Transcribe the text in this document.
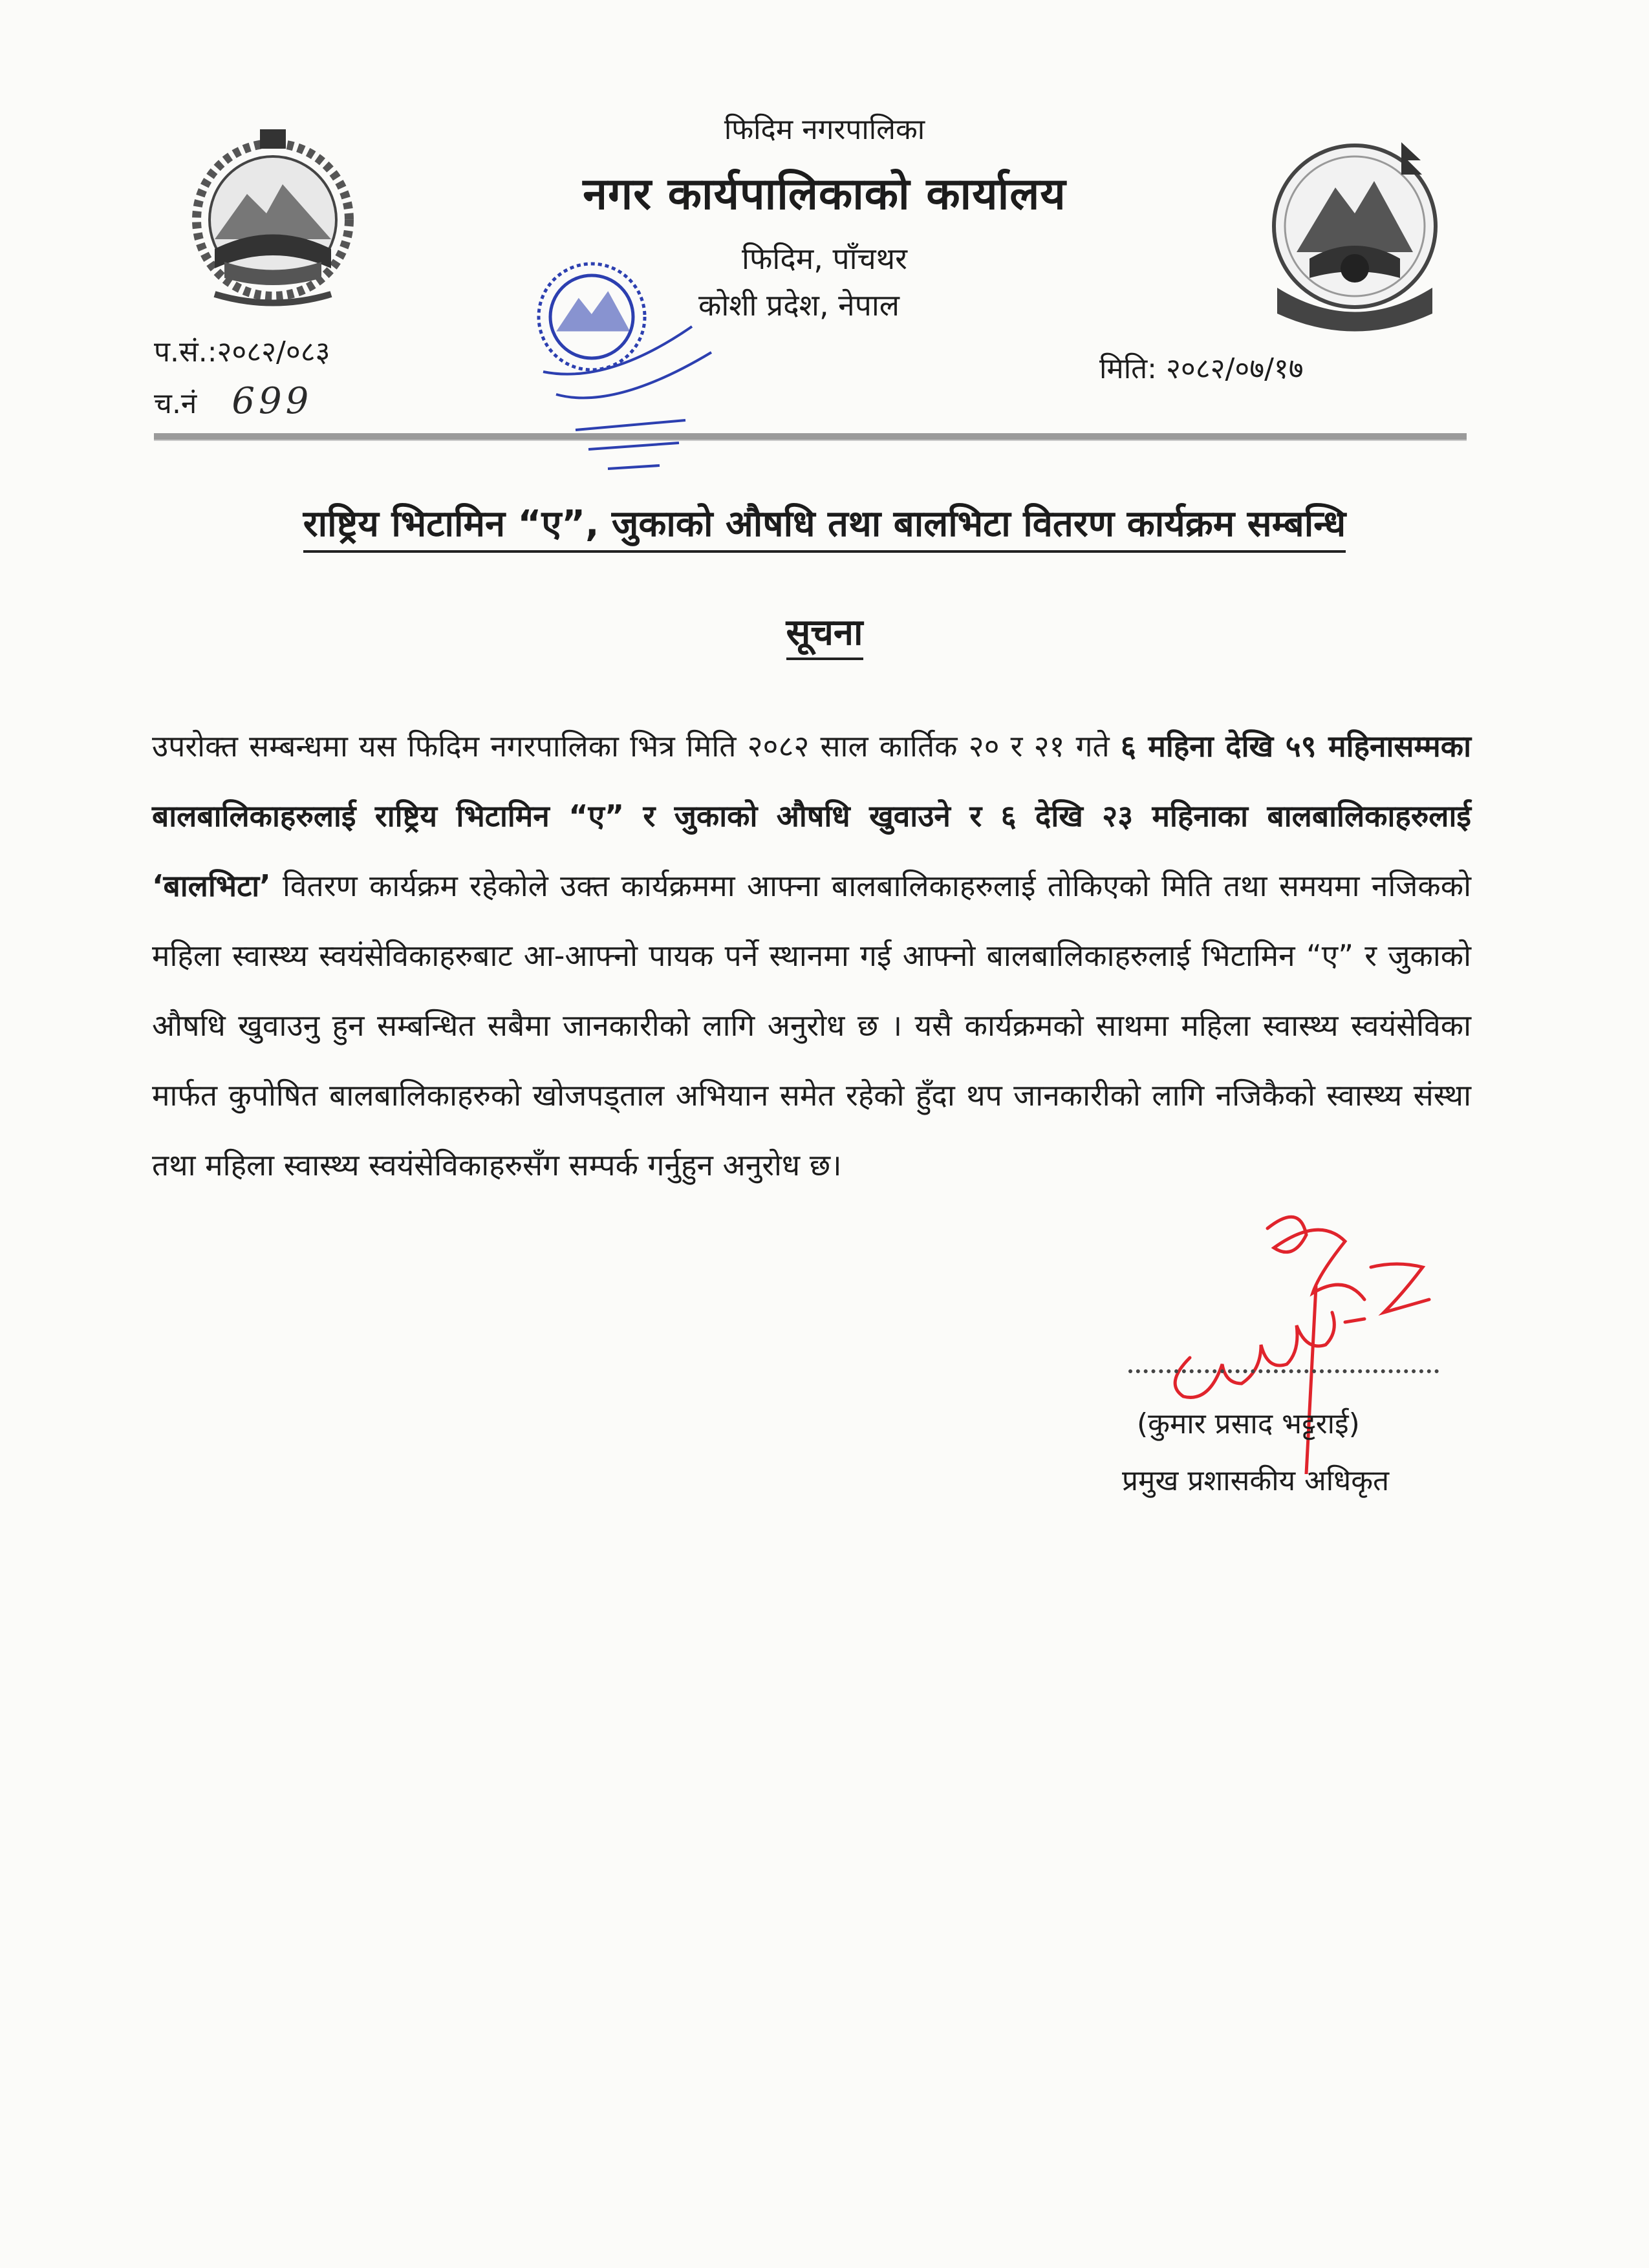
फिदिम नगरपालिका
नगर कार्यपालिकाको कार्यालय
फिदिम, पाँचथर
कोशी प्रदेश, नेपाल
प.सं.:२०८२/०८३
च.नं 699
मिति: २०८२/०७/१७
राष्ट्रिय भिटामिन “ए”, जुकाको औषधि तथा बालभिटा वितरण कार्यक्रम सम्बन्धि
सूचना
उपरोक्त सम्बन्धमा यस फिदिम नगरपालिका भित्र मिति २०८२ साल कार्तिक २० र २१ गते ६ महिना देखि ५९ महिनासम्मका बालबालिकाहरुलाई राष्ट्रिय भिटामिन “ए” र जुकाको औषधि खुवाउने र ६ देखि २३ महिनाका बालबालिकाहरुलाई ‘बालभिटा’ वितरण कार्यक्रम रहेकोले उक्त कार्यक्रममा आफ्ना बालबालिकाहरुलाई तोकिएको मिति तथा समयमा नजिकको महिला स्वास्थ्य स्वयंसेविकाहरुबाट आ-आफ्नो पायक पर्ने स्थानमा गई आफ्नो बालबालिकाहरुलाई भिटामिन “ए” र जुकाको औषधि खुवाउनु हुन सम्बन्धित सबैमा जानकारीको लागि अनुरोध छ । यसै कार्यक्रमको साथमा महिला स्वास्थ्य स्वयंसेविका मार्फत कुपोषित बालबालिकाहरुको खोजपड्ताल अभियान समेत रहेको हुँदा थप जानकारीको लागि नजिकैको स्वास्थ्य संस्था तथा महिला स्वास्थ्य स्वयंसेविकाहरुसँग सम्पर्क गर्नुहुन अनुरोध छ।
(कुमार प्रसाद भट्टराई)
प्रमुख प्रशासकीय अधिकृत
